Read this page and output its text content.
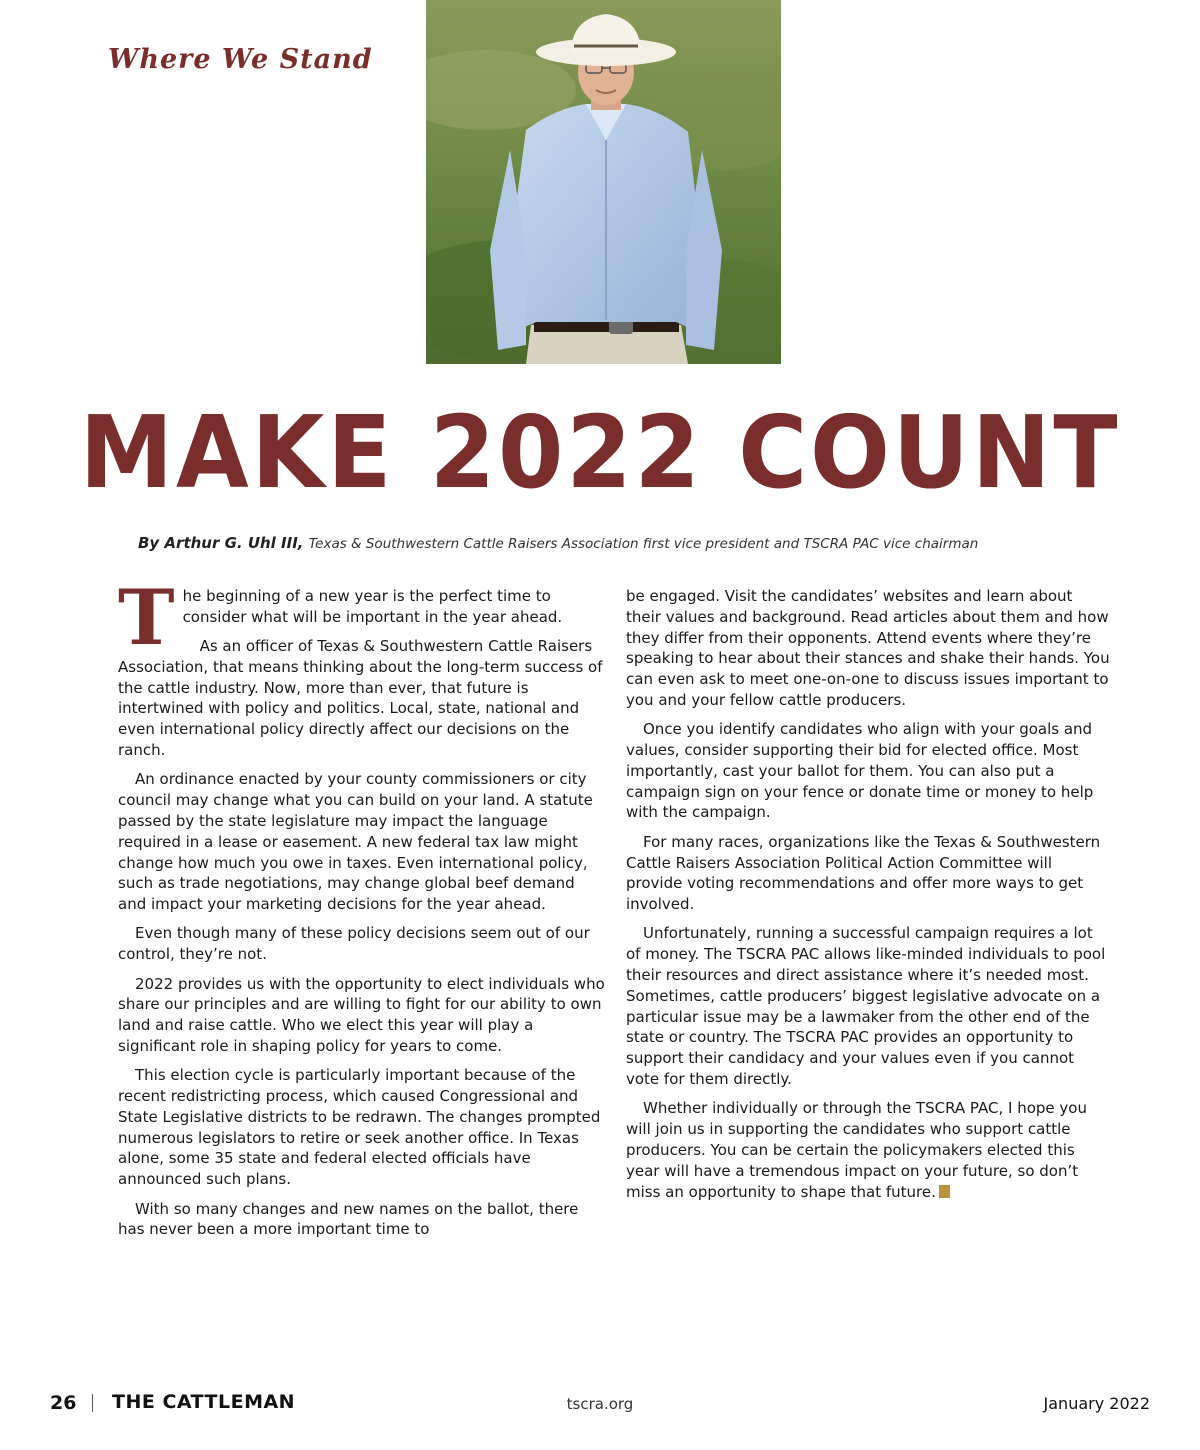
Where We Stand
MAKE 2022 COUNT
By Arthur G. Uhl III, Texas & Southwestern Cattle Raisers Association first vice president and TSCRA PAC vice chairman

The beginning of a new year is the perfect time to consider what will be important in the year ahead.

As an officer of Texas & Southwestern Cattle Raisers Association, that means thinking about the long-term success of the cattle industry. Now, more than ever, that future is intertwined with policy and politics. Local, state, national and even international policy directly affect our decisions on the ranch.

An ordinance enacted by your county commissioners or city council may change what you can build on your land. A statute passed by the state legislature may impact the language required in a lease or easement. A new federal tax law might change how much you owe in taxes. Even international policy, such as trade negotiations, may change global beef demand and impact your marketing decisions for the year ahead.

Even though many of these policy decisions seem out of our control, they’re not.

2022 provides us with the opportunity to elect individuals who share our principles and are willing to fight for our ability to own land and raise cattle. Who we elect this year will play a significant role in shaping policy for years to come.

This election cycle is particularly important because of the recent redistricting process, which caused Congressional and State Legislative districts to be redrawn. The changes prompted numerous legislators to retire or seek another office. In Texas alone, some 35 state and federal elected officials have announced such plans.

With so many changes and new names on the ballot, there has never been a more important time to

be engaged. Visit the candidates’ websites and learn about their values and background. Read articles about them and how they differ from their opponents. Attend events where they’re speaking to hear about their stances and shake their hands. You can even ask to meet one-on-one to discuss issues important to you and your fellow cattle producers.

Once you identify candidates who align with your goals and values, consider supporting their bid for elected office. Most importantly, cast your ballot for them. You can also put a campaign sign on your fence or donate time or money to help with the campaign.

For many races, organizations like the Texas & Southwestern Cattle Raisers Association Political Action Committee will provide voting recommendations and offer more ways to get involved.

Unfortunately, running a successful campaign requires a lot of money. The TSCRA PAC allows like-minded individuals to pool their resources and direct assistance where it’s needed most. Sometimes, cattle producers’ biggest legislative advocate on a particular issue may be a lawmaker from the other end of the state or country. The TSCRA PAC provides an opportunity to support their candidacy and your values even if you cannot vote for them directly.

Whether individually or through the TSCRA PAC, I hope you will join us in supporting the candidates who support cattle producers. You can be certain the policymakers elected this year will have a tremendous impact on your future, so don’t miss an opportunity to shape that future.

26 THE CATTLEMAN	tscra.org	January 2022
